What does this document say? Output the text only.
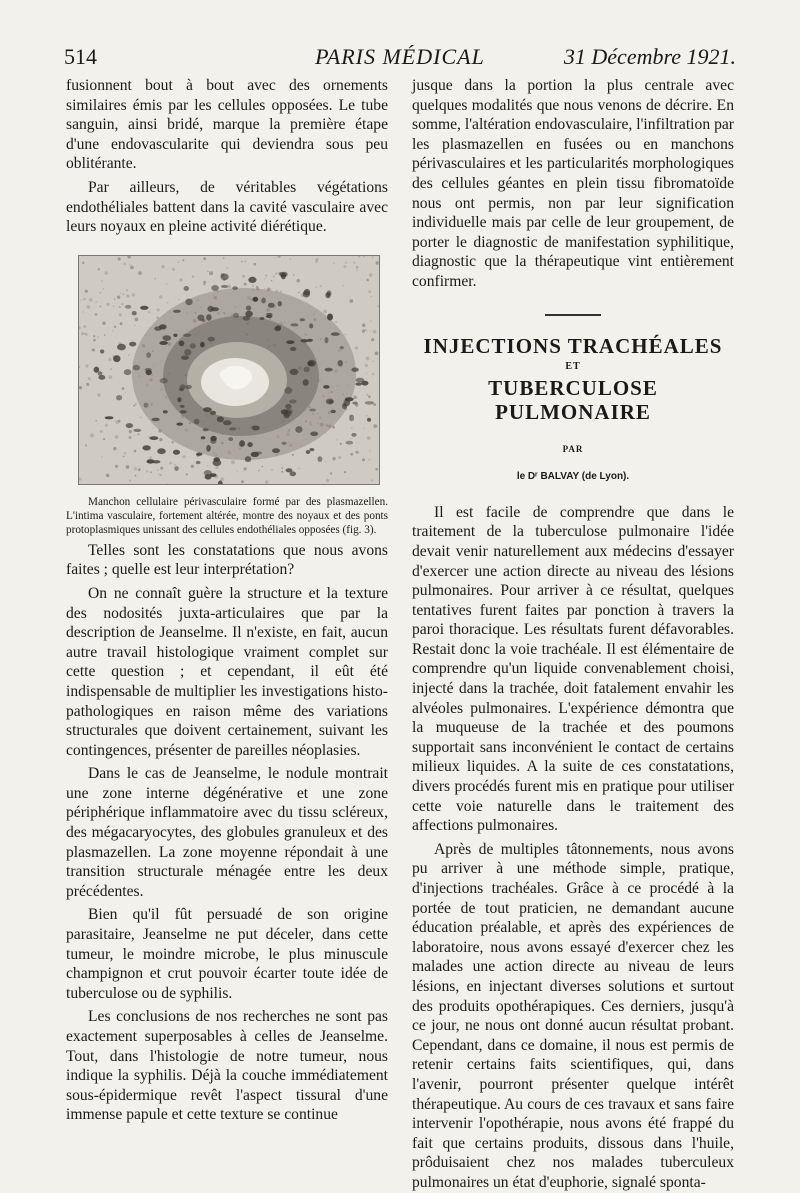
514	PARIS MÉDICAL	31 Décembre 1921.

fusionnent bout à bout avec des ornements similaires émis par les cellules opposées. Le tube sanguin, ainsi bridé, marque la première étape d'une endovascularite qui deviendra sous peu oblitérante.

Par ailleurs, de véritables végétations endothéliales battent dans la cavité vasculaire avec leurs noyaux en pleine activité diérétique.

Manchon cellulaire périvasculaire formé par des plasmazellen. L'intima vasculaire, fortement altérée, montre des noyaux et des ponts protoplasmiques unissant des cellules endothéliales opposées (fig. 3).

Telles sont les constatations que nous avons faites ; quelle est leur interprétation?

On ne connaît guère la structure et la texture des nodosités juxta-articulaires que par la description de Jeanselme. Il n'existe, en fait, aucun autre travail histologique vraiment complet sur cette question ; et cependant, il eût été indispensable de multiplier les investigations histo-pathologiques en raison même des variations structurales que doivent certainement, suivant les contingences, présenter de pareilles néoplasies.

Dans le cas de Jeanselme, le nodule montrait une zone interne dégénérative et une zone périphérique inflammatoire avec du tissu scléreux, des mégacaryocytes, des globules granuleux et des plasmazellen. La zone moyenne répondait à une transition structurale ménagée entre les deux précédentes.

Bien qu'il fût persuadé de son origine parasitaire, Jeanselme ne put déceler, dans cette tumeur, le moindre microbe, le plus minuscule champignon et crut pouvoir écarter toute idée de tuberculose ou de syphilis.

Les conclusions de nos recherches ne sont pas exactement superposables à celles de Jeanselme. Tout, dans l'histologie de notre tumeur, nous indique la syphilis. Déjà la couche immédiatement sous-épidermique revêt l'aspect tissural d'une immense papule et cette texture se continue

jusque dans la portion la plus centrale avec quelques modalités que nous venons de décrire. En somme, l'altération endovasculaire, l'infiltration par les plasmazellen en fusées ou en manchons périvasculaires et les particularités morphologiques des cellules géantes en plein tissu fibromatoïde nous ont permis, non par leur signification individuelle mais par celle de leur groupement, de porter le diagnostic de manifestation syphilitique, diagnostic que la thérapeutique vint entièrement confirmer.

INJECTIONS TRACHÉALES
ET
TUBERCULOSE PULMONAIRE
PAR
le Dʳ BALVAY (de Lyon).

Il est facile de comprendre que dans le traitement de la tuberculose pulmonaire l'idée devait venir naturellement aux médecins d'essayer d'exercer une action directe au niveau des lésions pulmonaires. Pour arriver à ce résultat, quelques tentatives furent faites par ponction à travers la paroi thoracique. Les résultats furent défavorables. Restait donc la voie trachéale. Il est élémentaire de comprendre qu'un liquide convenablement choisi, injecté dans la trachée, doit fatalement envahir les alvéoles pulmonaires. L'expérience démontra que la muqueuse de la trachée et des poumons supportait sans inconvénient le contact de certains milieux liquides. A la suite de ces constatations, divers procédés furent mis en pratique pour utiliser cette voie naturelle dans le traitement des affections pulmonaires.

Après de multiples tâtonnements, nous avons pu arriver à une méthode simple, pratique, d'injections trachéales. Grâce à ce procédé à la portée de tout praticien, ne demandant aucune éducation préalable, et après des expériences de laboratoire, nous avons essayé d'exercer chez les malades une action directe au niveau de leurs lésions, en injectant diverses solutions et surtout des produits opothérapiques. Ces derniers, jusqu'à ce jour, ne nous ont donné aucun résultat probant. Cependant, dans ce domaine, il nous est permis de retenir certains faits scientifiques, qui, dans l'avenir, pourront présenter quelque intérêt thérapeutique. Au cours de ces travaux et sans faire intervenir l'opothérapie, nous avons été frappé du fait que certains produits, dissous dans l'huile, prôduisaient chez nos malades tuberculeux pulmonaires un état d'euphorie, signalé sponta-
